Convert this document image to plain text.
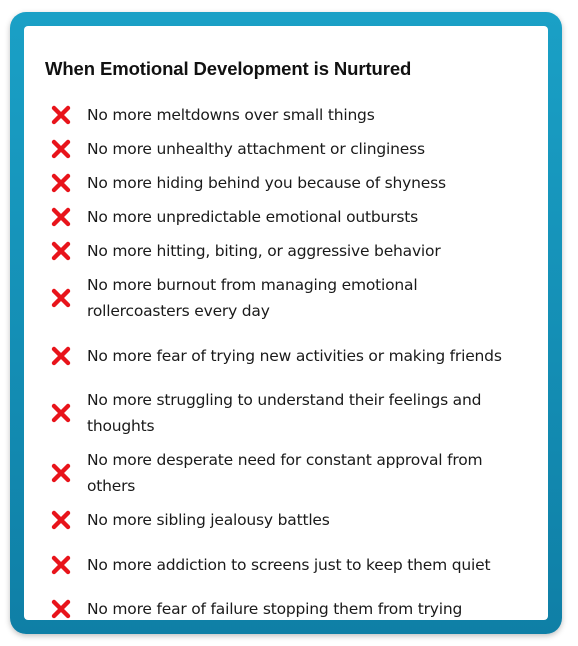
When Emotional Development is Nurtured
No more meltdowns over small things
No more unhealthy attachment or clinginess
No more hiding behind you because of shyness
No more unpredictable emotional outbursts
No more hitting, biting, or aggressive behavior
No more burnout from managing emotional rollercoasters every day
No more fear of trying new activities or making friends
No more struggling to understand their feelings and thoughts
No more desperate need for constant approval from others
No more sibling jealousy battles
No more addiction to screens just to keep them quiet
No more fear of failure stopping them from trying
